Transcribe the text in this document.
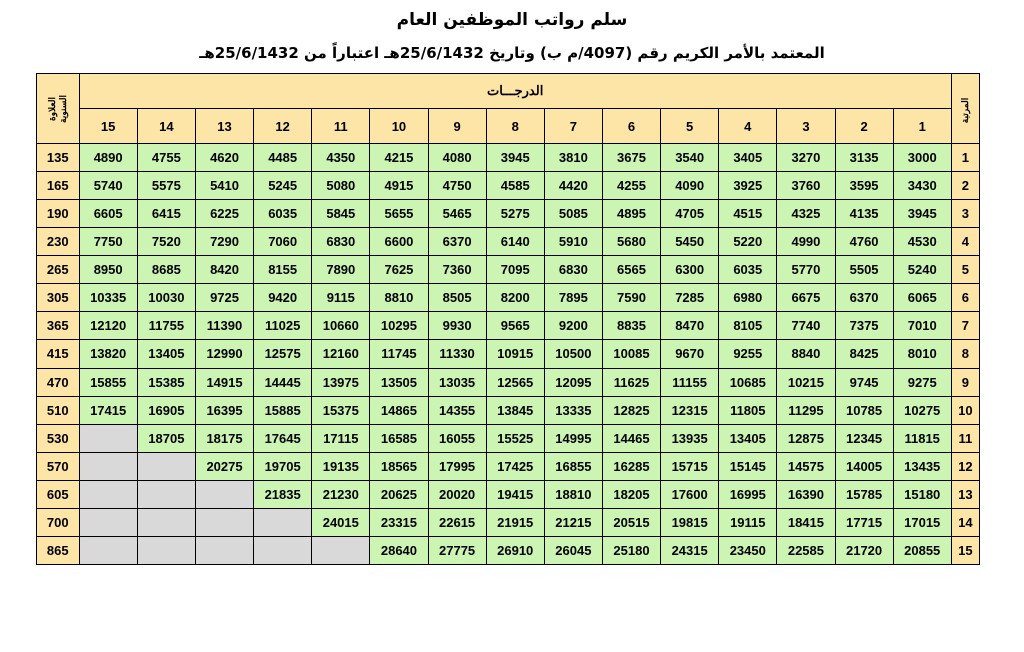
سلم رواتب الموظفين العام
المعتمد بالأمر الكريم رقم (4097/م ب) وتاريخ 25/6/1432هـ اعتباراً من 25/6/1432هـ
المرتبة	الدرجـــات															العلاوة السنوية

	1	2	3	4	5	6	7	8	9	10	11	12	13	14	15	
1	3000	3135	3270	3405	3540	3675	3810	3945	4080	4215	4350	4485	4620	4755	4890	135
2	3430	3595	3760	3925	4090	4255	4420	4585	4750	4915	5080	5245	5410	5575	5740	165
3	3945	4135	4325	4515	4705	4895	5085	5275	5465	5655	5845	6035	6225	6415	6605	190
4	4530	4760	4990	5220	5450	5680	5910	6140	6370	6600	6830	7060	7290	7520	7750	230
5	5240	5505	5770	6035	6300	6565	6830	7095	7360	7625	7890	8155	8420	8685	8950	265
6	6065	6370	6675	6980	7285	7590	7895	8200	8505	8810	9115	9420	9725	10030	10335	305
7	7010	7375	7740	8105	8470	8835	9200	9565	9930	10295	10660	11025	11390	11755	12120	365
8	8010	8425	8840	9255	9670	10085	10500	10915	11330	11745	12160	12575	12990	13405	13820	415
9	9275	9745	10215	10685	11155	11625	12095	12565	13035	13505	13975	14445	14915	15385	15855	470
10	10275	10785	11295	11805	12315	12825	13335	13845	14355	14865	15375	15885	16395	16905	17415	510
11	11815	12345	12875	13405	13935	14465	14995	15525	16055	16585	17115	17645	18175	18705		530
12	13435	14005	14575	15145	15715	16285	16855	17425	17995	18565	19135	19705	20275			570
13	15180	15785	16390	16995	17600	18205	18810	19415	20020	20625	21230	21835				605
14	17015	17715	18415	19115	19815	20515	21215	21915	22615	23315	24015					700
15	20855	21720	22585	23450	24315	25180	26045	26910	27775	28640						865
